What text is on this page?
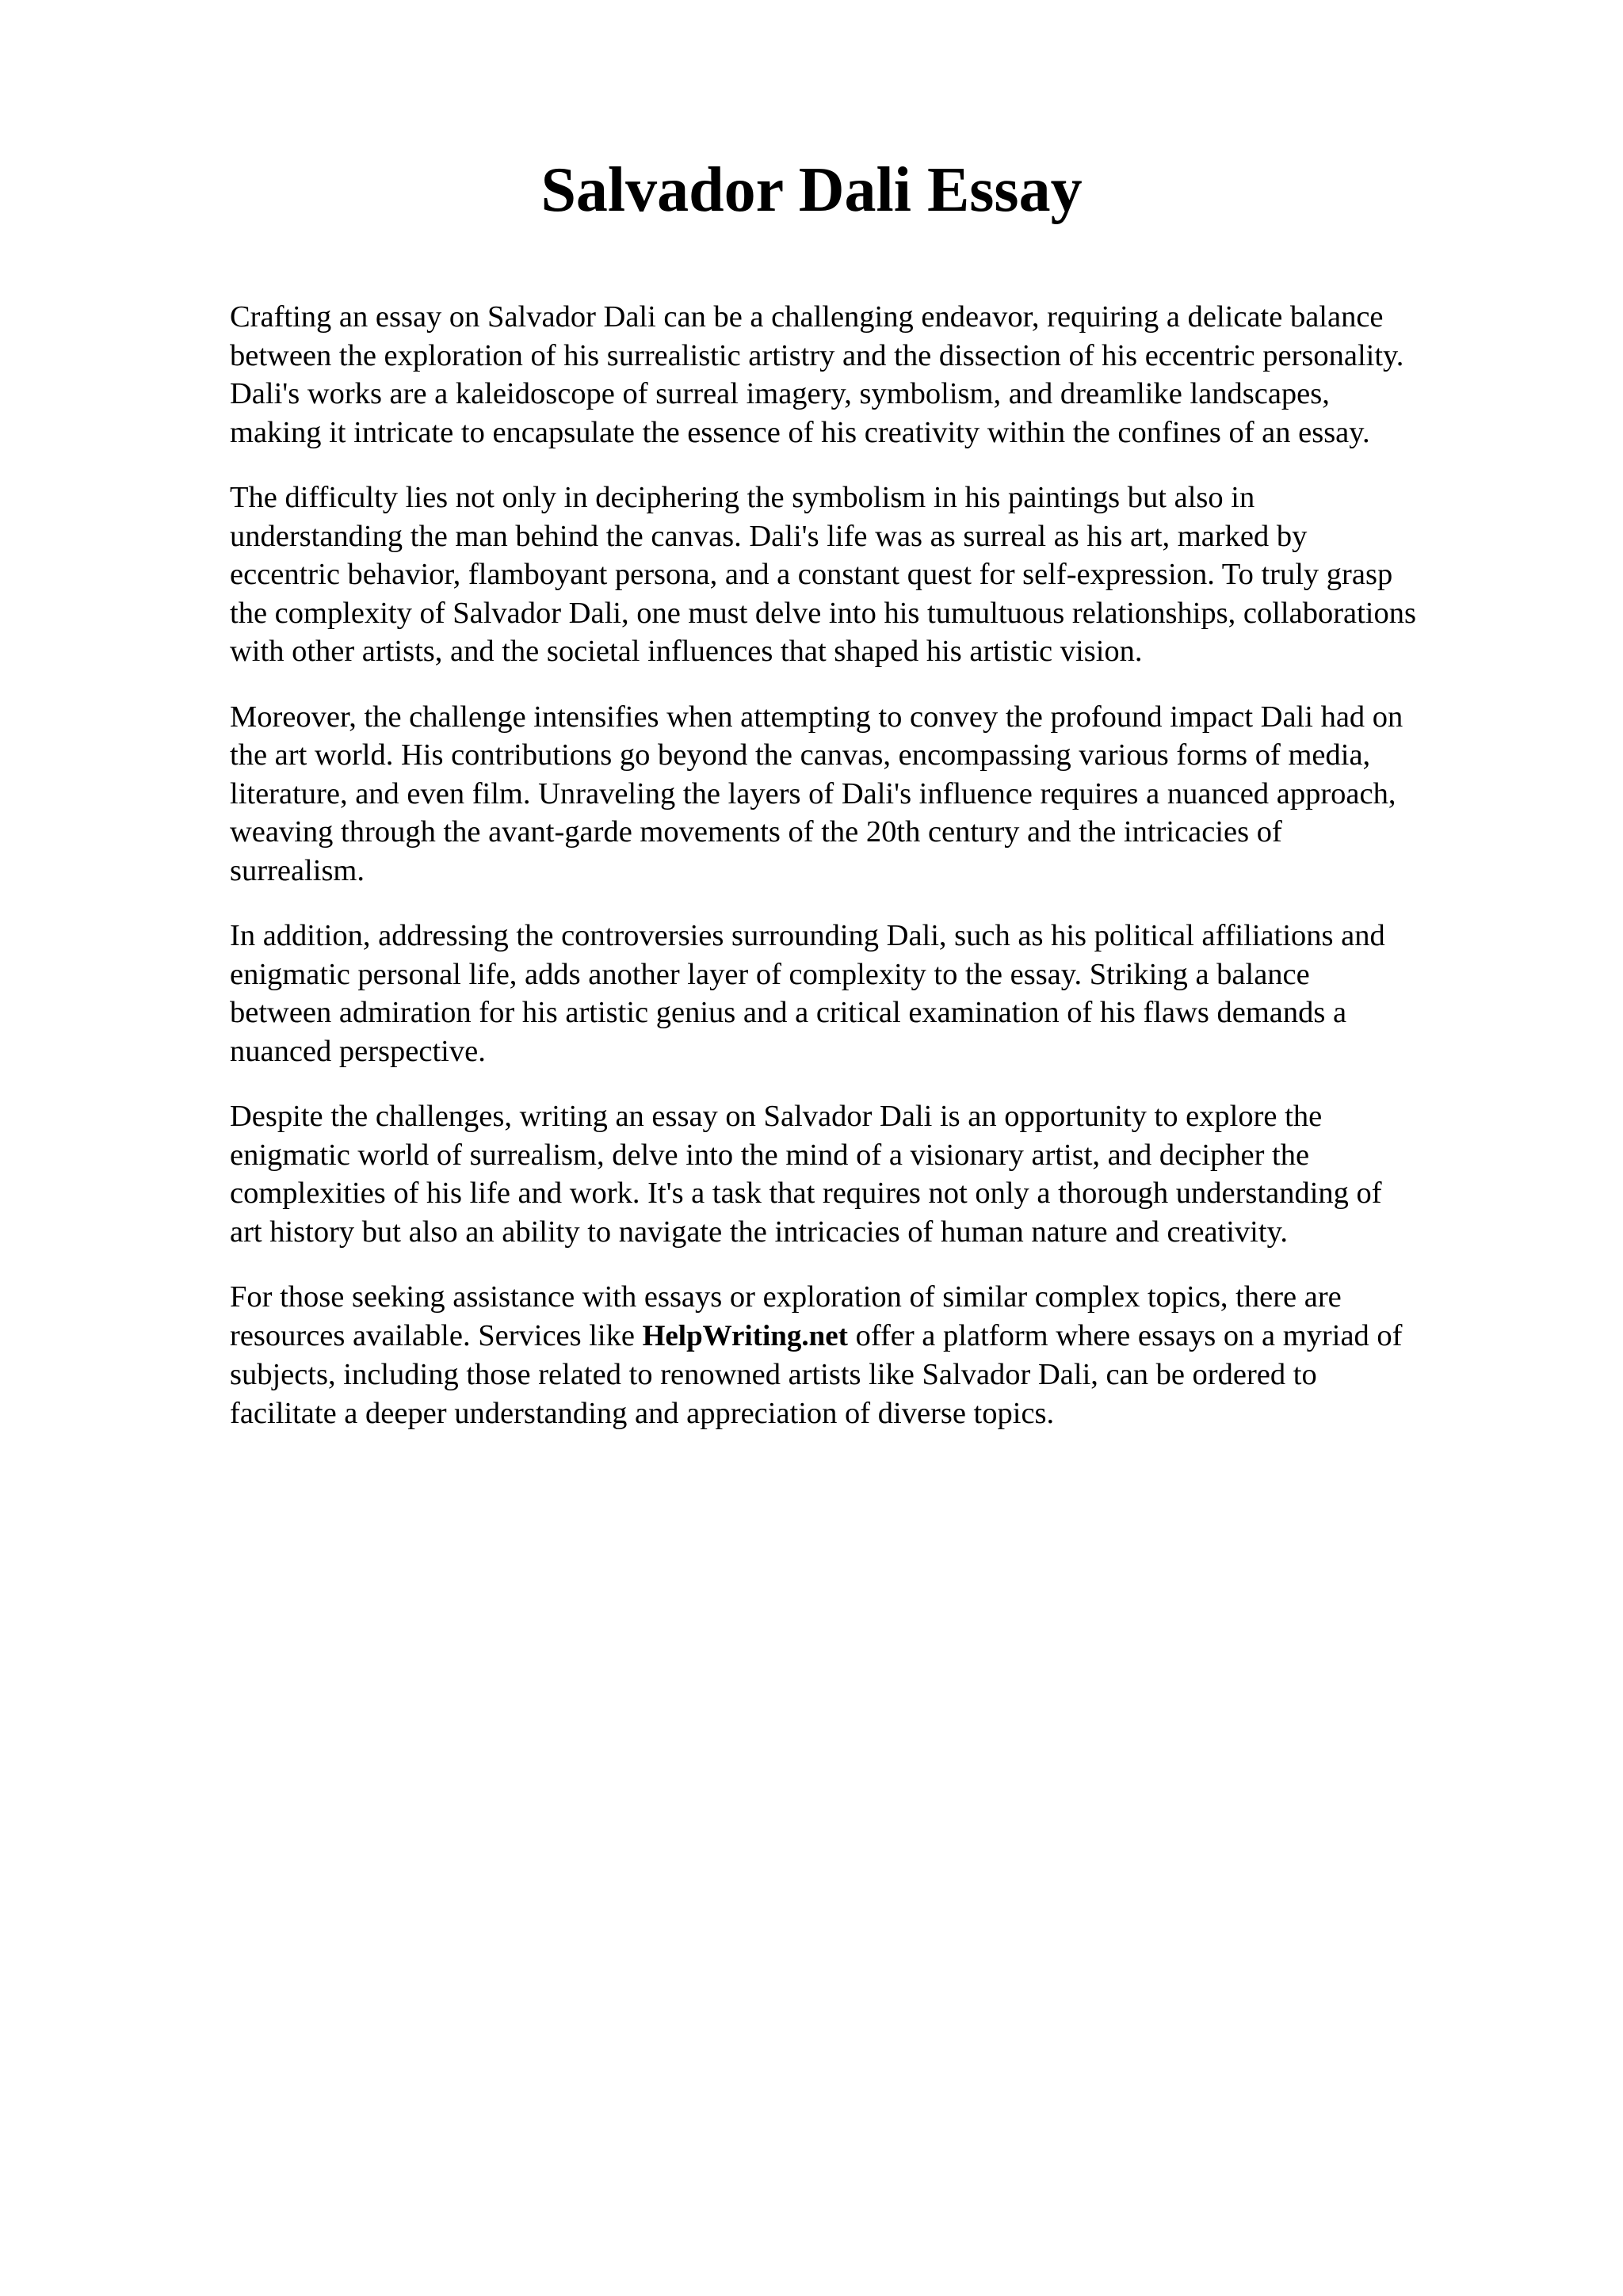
Salvador Dali Essay

Crafting an essay on Salvador Dali can be a challenging endeavor, requiring a delicate balance
between the exploration of his surrealistic artistry and the dissection of his eccentric personality.
Dali's works are a kaleidoscope of surreal imagery, symbolism, and dreamlike landscapes,
making it intricate to encapsulate the essence of his creativity within the confines of an essay.

The difficulty lies not only in deciphering the symbolism in his paintings but also in
understanding the man behind the canvas. Dali's life was as surreal as his art, marked by
eccentric behavior, flamboyant persona, and a constant quest for self-expression. To truly grasp
the complexity of Salvador Dali, one must delve into his tumultuous relationships, collaborations
with other artists, and the societal influences that shaped his artistic vision.

Moreover, the challenge intensifies when attempting to convey the profound impact Dali had on
the art world. His contributions go beyond the canvas, encompassing various forms of media,
literature, and even film. Unraveling the layers of Dali's influence requires a nuanced approach,
weaving through the avant-garde movements of the 20th century and the intricacies of
surrealism.

In addition, addressing the controversies surrounding Dali, such as his political affiliations and
enigmatic personal life, adds another layer of complexity to the essay. Striking a balance
between admiration for his artistic genius and a critical examination of his flaws demands a
nuanced perspective.

Despite the challenges, writing an essay on Salvador Dali is an opportunity to explore the
enigmatic world of surrealism, delve into the mind of a visionary artist, and decipher the
complexities of his life and work. It's a task that requires not only a thorough understanding of
art history but also an ability to navigate the intricacies of human nature and creativity.

For those seeking assistance with essays or exploration of similar complex topics, there are
resources available. Services like HelpWriting.net offer a platform where essays on a myriad of
subjects, including those related to renowned artists like Salvador Dali, can be ordered to
facilitate a deeper understanding and appreciation of diverse topics.
